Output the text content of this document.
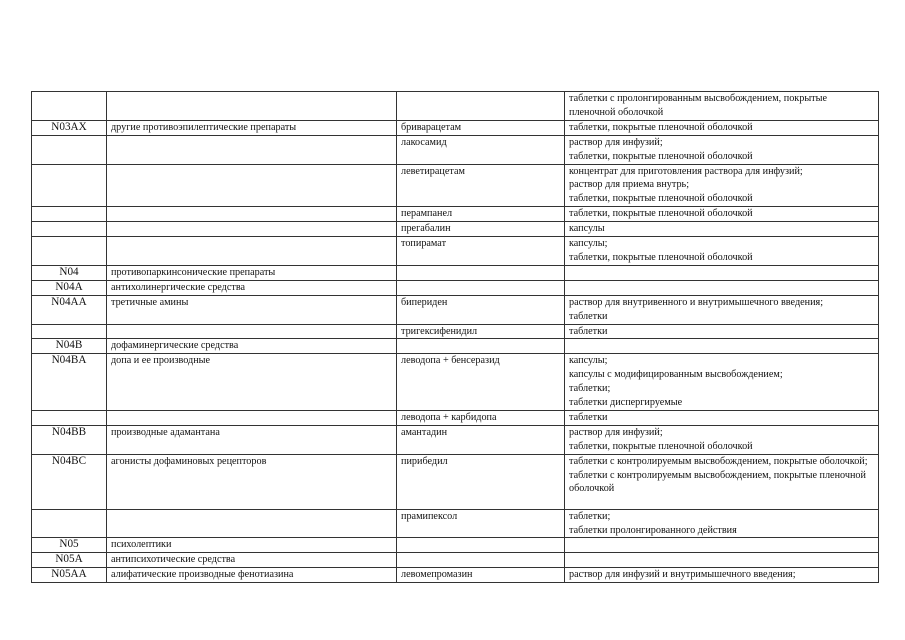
			таблетки с пролонгированным высвобождением, покрытые пленочной оболочкой

N03AX	другие противоэпилептические препараты	бриварацетам	таблетки, покрытые пленочной оболочкой

		лакосамид	раствор для инфузий;
таблетки, покрытые пленочной оболочкой

		леветирацетам	концентрат для приготовления раствора для инфузий;
раствор для приема внутрь;
таблетки, покрытые пленочной оболочкой

		перампанел	таблетки, покрытые пленочной оболочкой

		прегабалин	капсулы

		топирамат	капсулы;
таблетки, покрытые пленочной оболочкой

N04	противопаркинсонические препараты		
N04A	антихолинергические средства		
N04AA	третичные амины	бипериден	раствор для внутривенного и внутримышечного введения;
таблетки

		тригексифенидил	таблетки

N04B	дофаминергические средства		
N04BA	допа и ее производные	леводопа + бенсеразид	капсулы;
капсулы с модифицированным высвобождением;
таблетки;
таблетки диспергируемые

		леводопа + карбидопа	таблетки

N04BB	производные адамантана	амантадин	раствор для инфузий;
таблетки, покрытые пленочной оболочкой

N04BC	агонисты дофаминовых рецепторов	пирибедил	таблетки с контролируемым высвобождением, покрытые оболочкой;
таблетки с контролируемым высвобождением, покрытые пленочной оболочкой

		прамипексол	таблетки;
таблетки пролонгированного действия

N05	психолептики		
N05A	антипсихотические средства		
N05AA	алифатические производные фенотиазина	левомепромазин	раствор для инфузий и внутримышечного введения;
